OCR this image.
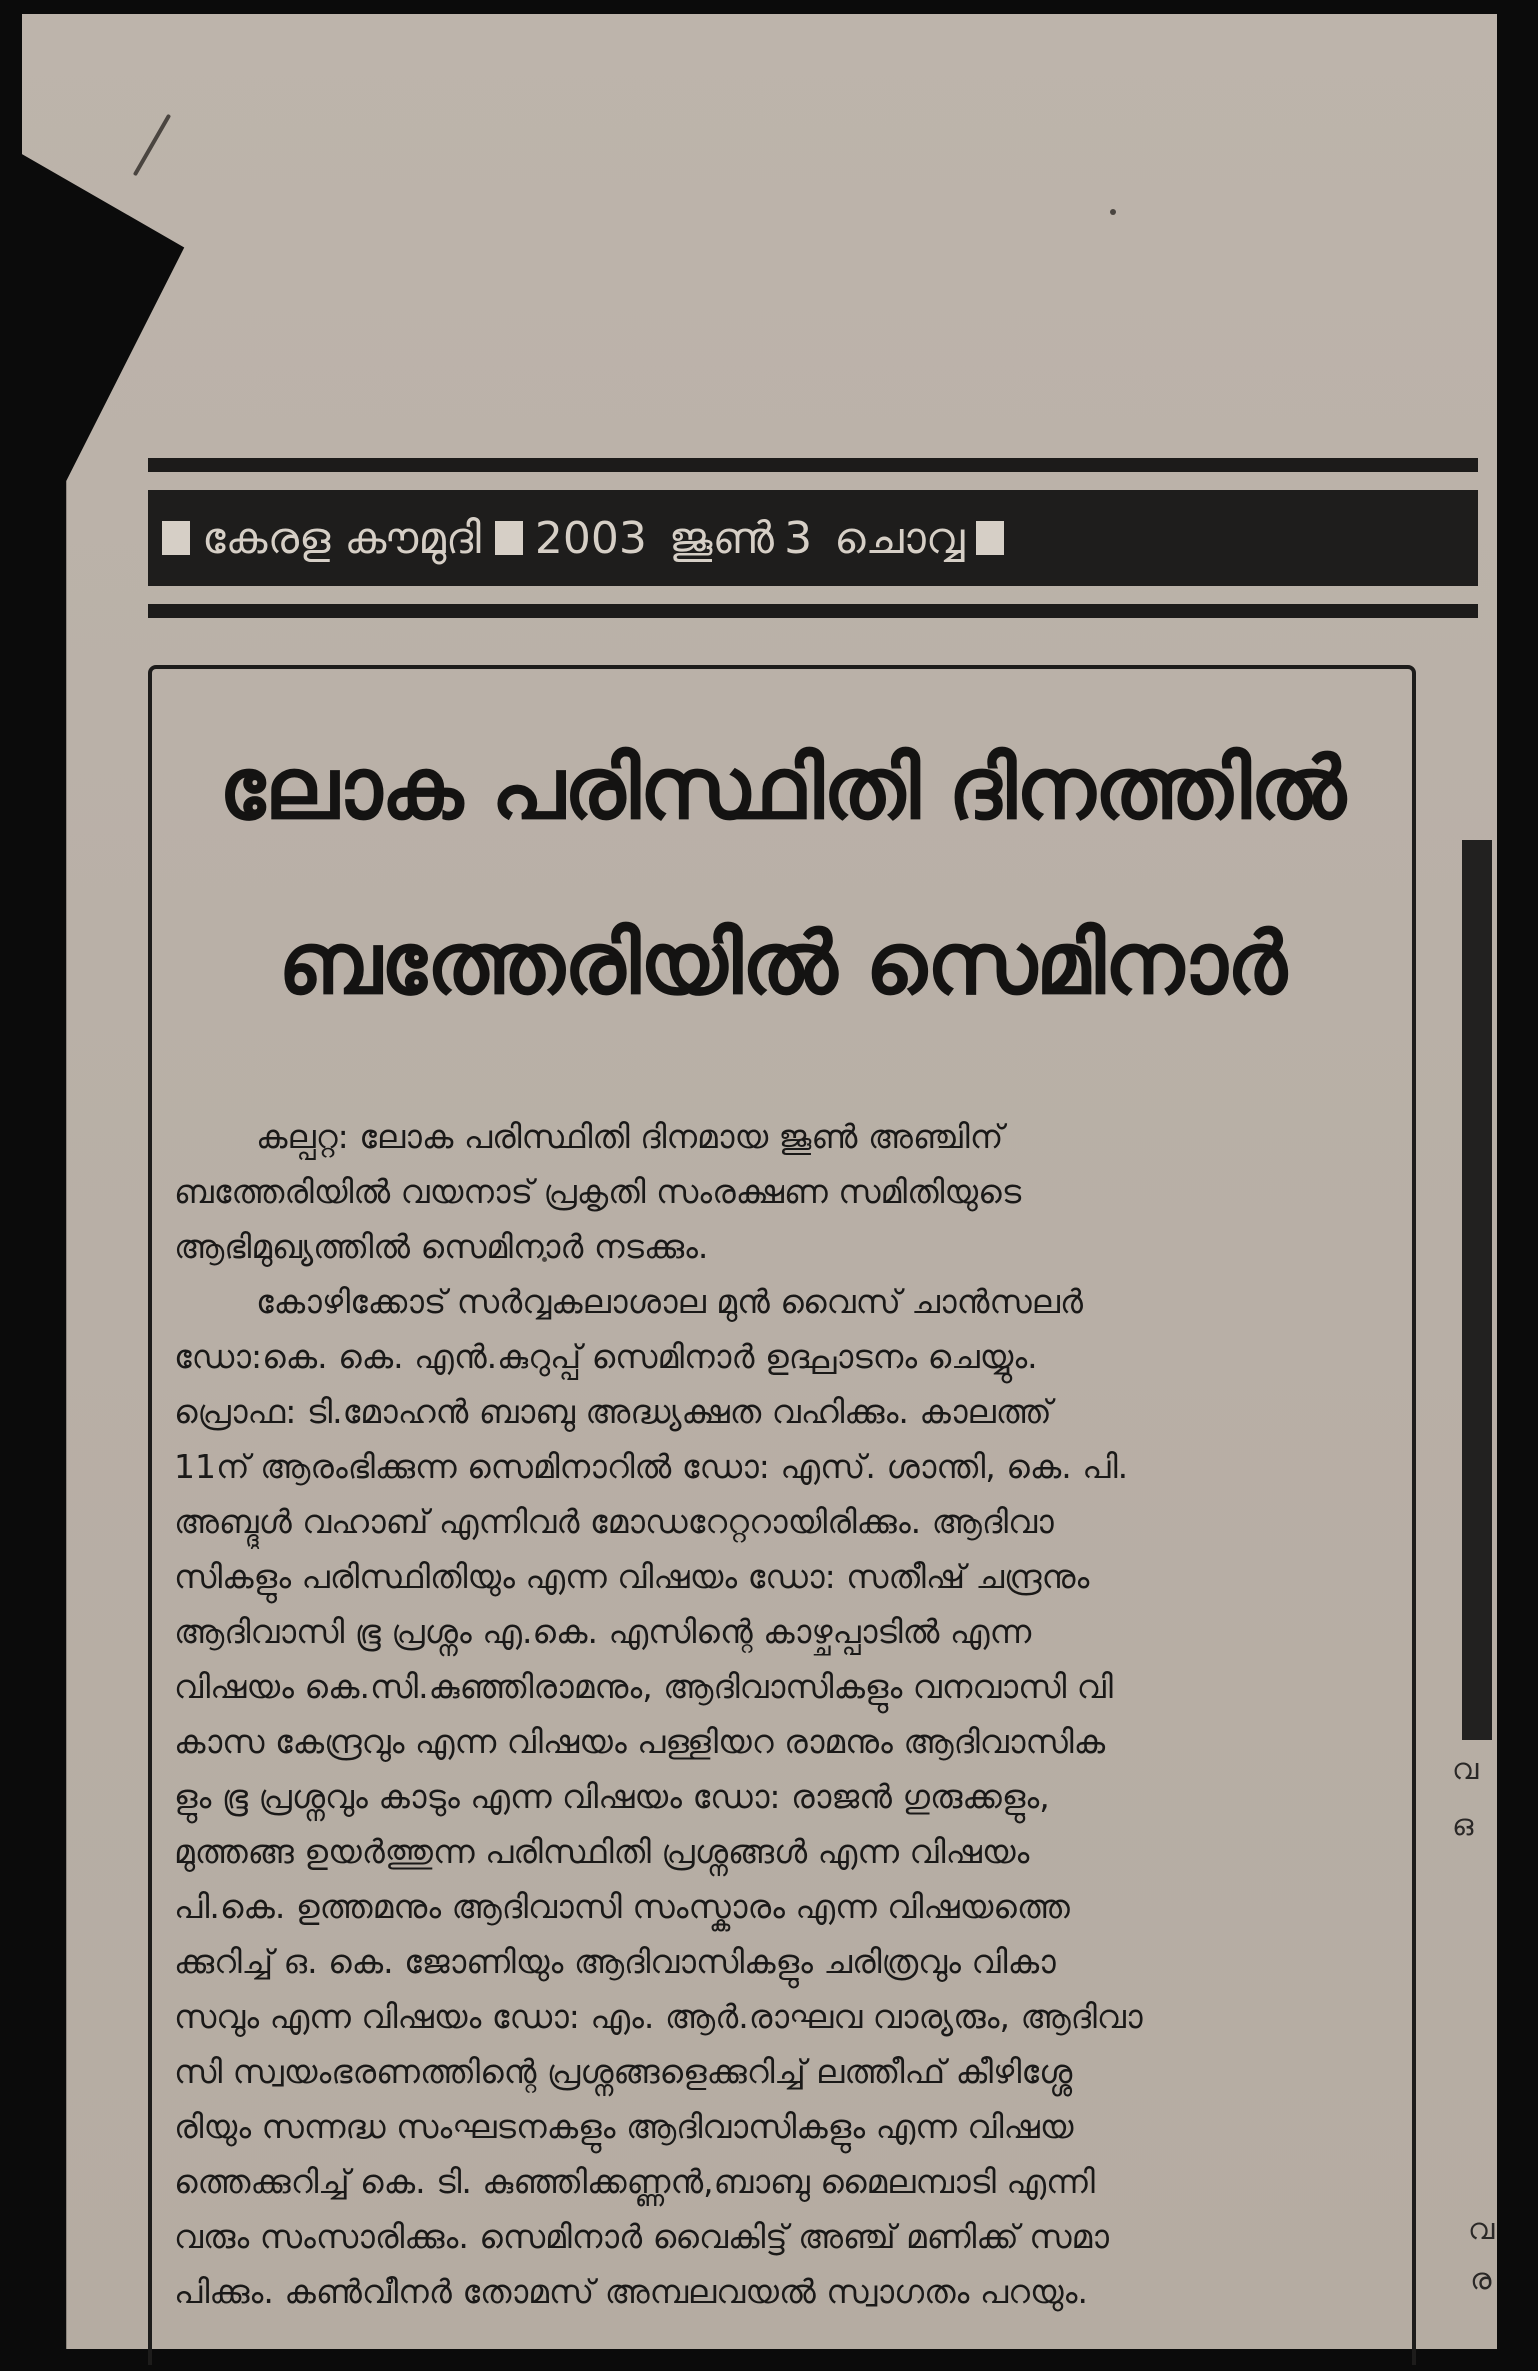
കേരള കൗമുദി 2003 ജൂൺ 3 ചൊവ്വ
വ
ഒ
വ
ര
ലോക പരിസ്ഥിതി ദിനത്തിൽ
ബത്തേരിയിൽ സെമിനാർ
കല്പറ്റ: ലോക പരിസ്ഥിതി ദിനമായ ജൂൺ അഞ്ചിന്
ബത്തേരിയിൽ വയനാട് പ്രകൃതി സംരക്ഷണ സമിതിയുടെ
ആഭിമുഖ്യത്തിൽ സെമിനാർ നടക്കും.
കോഴിക്കോട് സർവ്വകലാശാല മുൻ വൈസ് ചാൻസലർ
ഡോ:കെ. കെ. എൻ.കുറുപ്പ് സെമിനാർ ഉദ്ഘാടനം ചെയ്യും.
പ്രൊഫ: ടി.മോഹൻ ബാബു അദ്ധ്യക്ഷത വഹിക്കും. കാലത്ത്
11ന് ആരംഭിക്കുന്ന സെമിനാറിൽ ഡോ: എസ്. ശാന്തി, കെ. പി.
അബ്ദുൾ വഹാബ് എന്നിവർ മോഡറേറ്ററായിരിക്കും. ആദിവാ
സികളും പരിസ്ഥിതിയും എന്ന വിഷയം ഡോ: സതീഷ് ചന്ദ്രനും
ആദിവാസി ഭൂ പ്രശ്നം എ.കെ. എസിന്റെ കാഴ്ചപ്പാടിൽ എന്ന
വിഷയം കെ.സി.കുഞ്ഞിരാമനും, ആദിവാസികളും വനവാസി വി
കാസ കേന്ദ്രവും എന്ന വിഷയം പള്ളിയറ രാമനും ആദിവാസിക
ളും ഭൂ പ്രശ്നവും കാടും എന്ന വിഷയം ഡോ: രാജൻ ഗുരുക്കളും,
മുത്തങ്ങ ഉയർത്തുന്ന പരിസ്ഥിതി പ്രശ്നങ്ങൾ എന്ന വിഷയം
പി.കെ. ഉത്തമനും ആദിവാസി സംസ്കാരം എന്ന വിഷയത്തെ
ക്കുറിച്ച് ഒ. കെ. ജോണിയും ആദിവാസികളും ചരിത്രവും വികാ
സവും എന്ന വിഷയം ഡോ: എം. ആർ.രാഘവ വാര്യരും, ആദിവാ
സി സ്വയംഭരണത്തിന്റെ പ്രശ്നങ്ങളെക്കുറിച്ച് ലത്തീഫ് കീഴിശ്ശേ
രിയും സന്നദ്ധ സംഘടനകളും ആദിവാസികളും എന്ന വിഷയ
ത്തെക്കുറിച്ച് കെ. ടി. കുഞ്ഞിക്കണ്ണൻ,ബാബു മൈലമ്പാടി എന്നി
വരും സംസാരിക്കും. സെമിനാർ വൈകിട്ട് അഞ്ച് മണിക്ക് സമാ
പിക്കും. കൺവീനർ തോമസ് അമ്പലവയൽ സ്വാഗതം പറയും.
